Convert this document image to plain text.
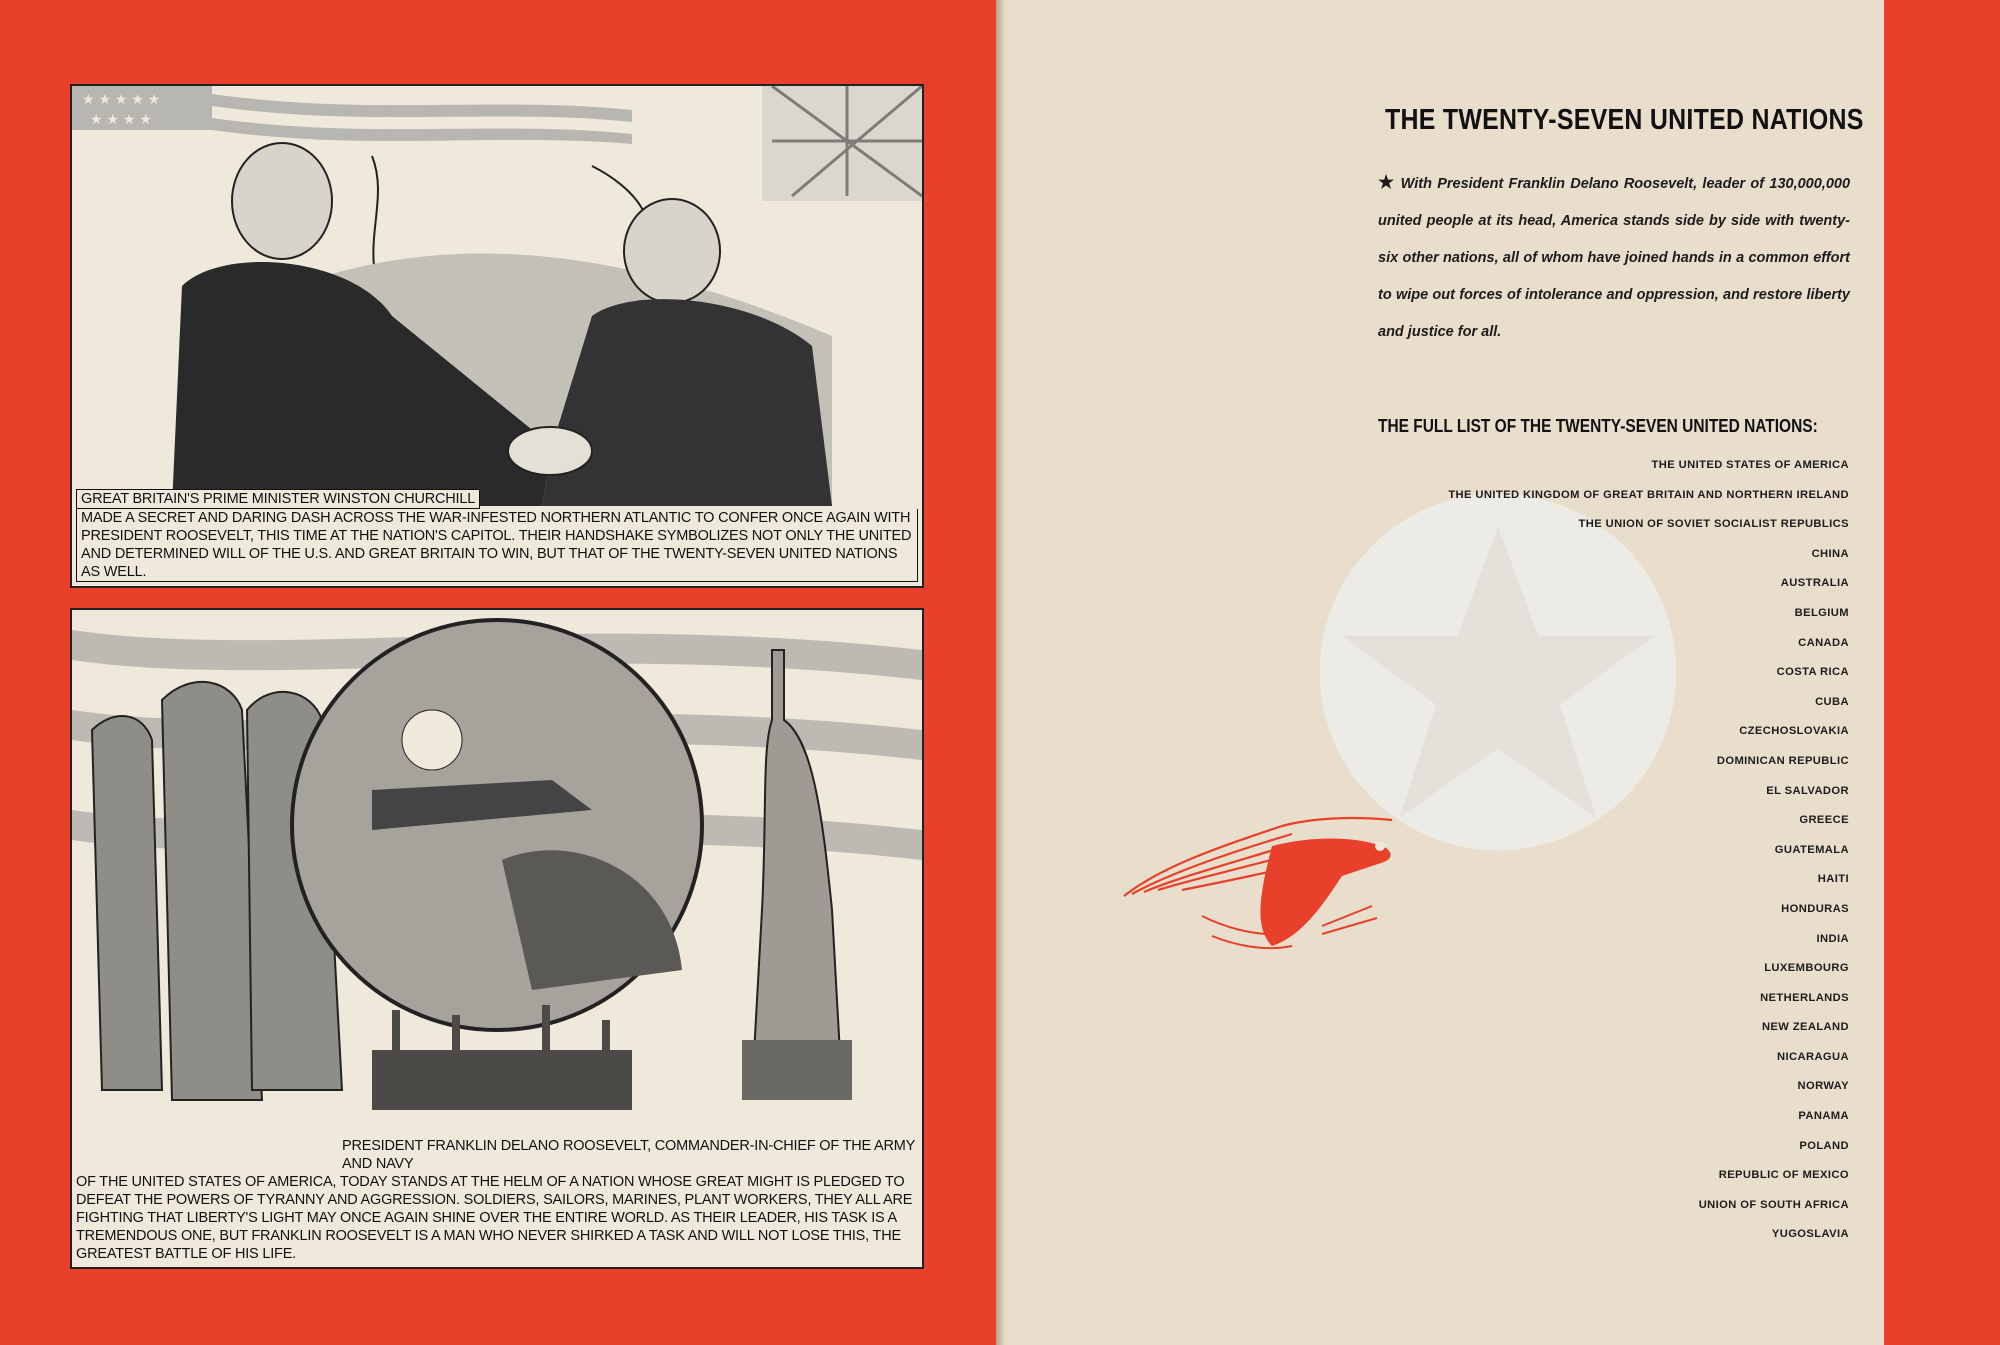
★ ★ ★ ★ ★
★ ★ ★ ★
GREAT BRITAIN'S PRIME MINISTER WINSTON CHURCHILL
MADE A SECRET AND DARING DASH ACROSS THE WAR-INFESTED NORTHERN ATLANTIC TO CONFER ONCE AGAIN WITH PRESIDENT ROOSEVELT, THIS TIME AT THE NATION'S CAPITOL. THEIR HANDSHAKE SYMBOLIZES NOT ONLY THE UNITED AND DETERMINED WILL OF THE U.S. AND GREAT BRITAIN TO WIN, BUT THAT OF THE TWENTY-SEVEN UNITED NATIONS AS WELL.
PRESIDENT FRANKLIN DELANO ROOSEVELT, COMMANDER-IN-CHIEF OF THE ARMY AND NAVY
OF THE UNITED STATES OF AMERICA, TODAY STANDS AT THE HELM OF A NATION WHOSE GREAT MIGHT IS PLEDGED TO DEFEAT THE POWERS OF TYRANNY AND AGGRESSION. SOLDIERS, SAILORS, MARINES, PLANT WORKERS, THEY ALL ARE FIGHTING THAT LIBERTY'S LIGHT MAY ONCE AGAIN SHINE OVER THE ENTIRE WORLD. AS THEIR LEADER, HIS TASK IS A TREMENDOUS ONE, BUT FRANKLIN ROOSEVELT IS A MAN WHO NEVER SHIRKED A TASK AND WILL NOT LOSE THIS, THE GREATEST BATTLE OF HIS LIFE.
THE TWENTY-SEVEN UNITED NATIONS
★ With President Franklin Delano Roosevelt, leader of 130,000,000 united people at its head, America stands side by side with twenty-six other nations, all of whom have joined hands in a common effort to wipe out forces of intolerance and oppression, and restore liberty and justice for all.
THE FULL LIST OF THE TWENTY-SEVEN UNITED NATIONS:
THE UNITED STATES OF AMERICA
THE UNITED KINGDOM OF GREAT BRITAIN AND NORTHERN IRELAND
THE UNION OF SOVIET SOCIALIST REPUBLICS
CHINA
AUSTRALIA
BELGIUM
CANADA
COSTA RICA
CUBA
CZECHOSLOVAKIA
DOMINICAN REPUBLIC
EL SALVADOR
GREECE
GUATEMALA
HAITI
HONDURAS
INDIA
LUXEMBOURG
NETHERLANDS
NEW ZEALAND
NICARAGUA
NORWAY
PANAMA
POLAND
REPUBLIC OF MEXICO
UNION OF SOUTH AFRICA
YUGOSLAVIA
